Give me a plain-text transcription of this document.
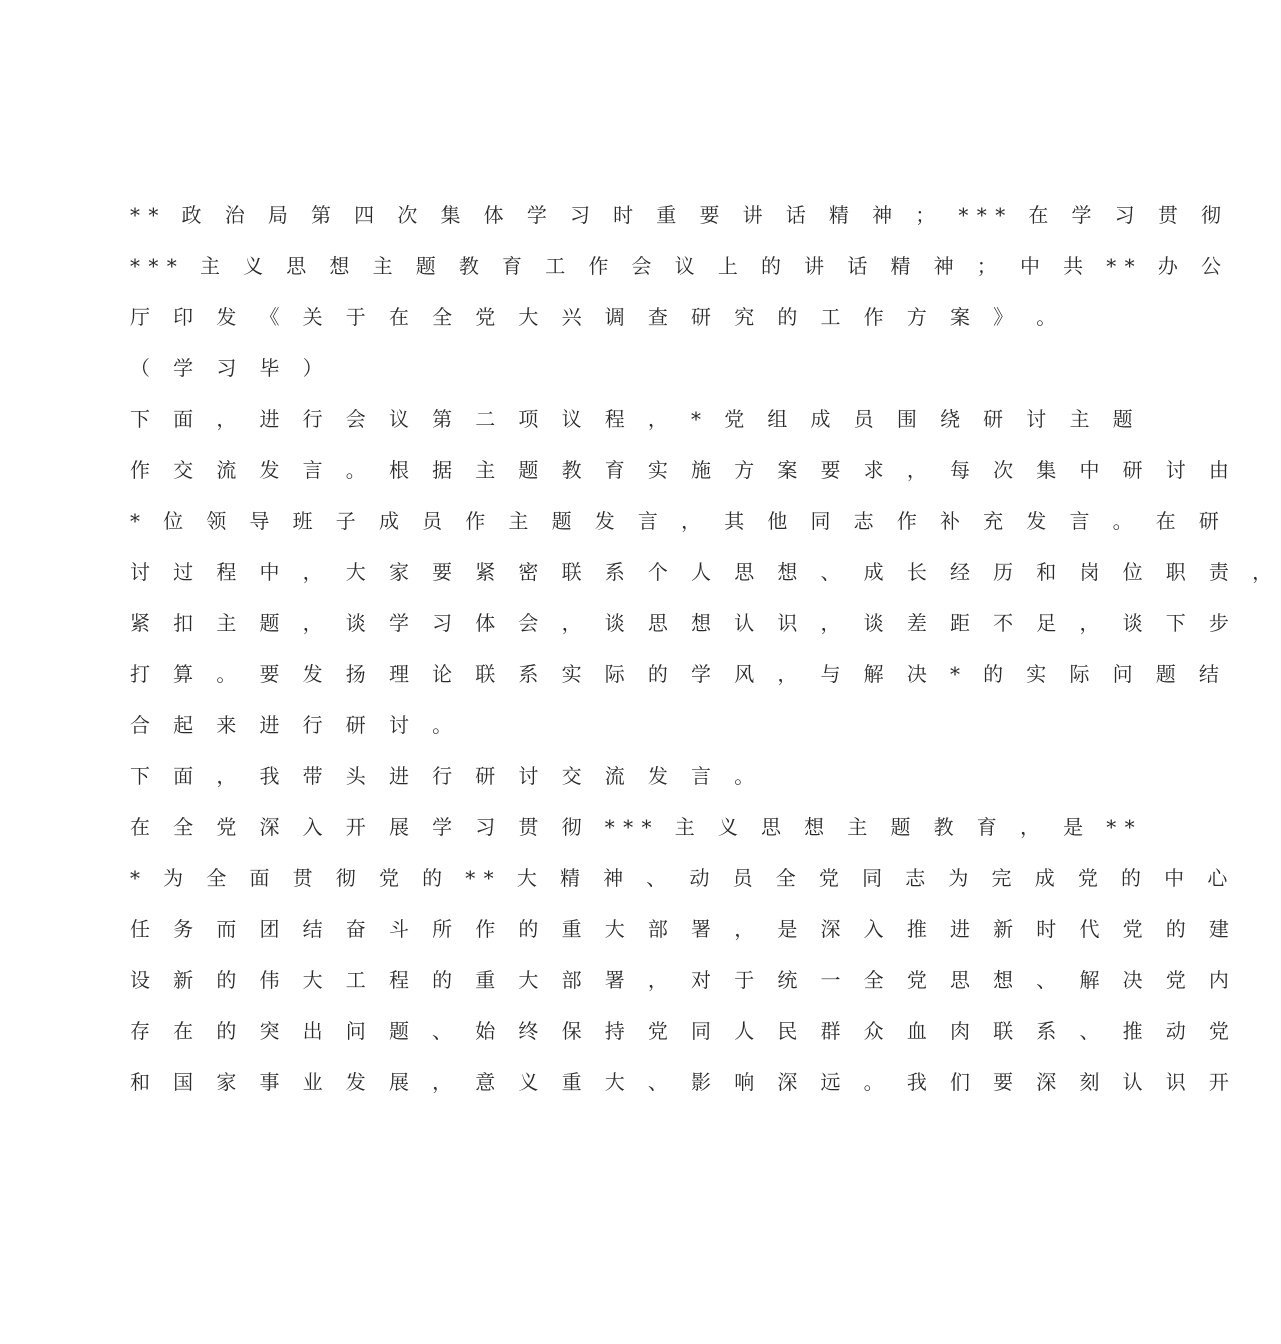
** 政 治 局 第 四 次 集 体 学 习 时 重 要 讲 话 精 神 ； *** 在 学 习 贯 彻
*** 主 义 思 想 主 题 教 育 工 作 会 议 上 的 讲 话 精 神 ； 中 共 ** 办 公
厅 印 发 《 关 于 在 全 党 大 兴 调 查 研 究 的 工 作 方 案 》 。
（ 学 习 毕 ）
下 面 ， 进 行 会 议 第 二 项 议 程 ， * 党 组 成 员 围 绕 研 讨 主 题
作 交 流 发 言 。 根 据 主 题 教 育 实 施 方 案 要 求 ， 每 次 集 中 研 讨 由
* 位 领 导 班 子 成 员 作 主 题 发 言 ， 其 他 同 志 作 补 充 发 言 。 在 研
讨 过 程 中 ， 大 家 要 紧 密 联 系 个 人 思 想 、 成 长 经 历 和 岗 位 职 责 ，
紧 扣 主 题 ， 谈 学 习 体 会 ， 谈 思 想 认 识 ， 谈 差 距 不 足 ， 谈 下 步
打 算 。 要 发 扬 理 论 联 系 实 际 的 学 风 ， 与 解 决 * 的 实 际 问 题 结
合 起 来 进 行 研 讨 。
下 面 ， 我 带 头 进 行 研 讨 交 流 发 言 。
在 全 党 深 入 开 展 学 习 贯 彻 *** 主 义 思 想 主 题 教 育 ， 是 **
* 为 全 面 贯 彻 党 的 ** 大 精 神 、 动 员 全 党 同 志 为 完 成 党 的 中 心
任 务 而 团 结 奋 斗 所 作 的 重 大 部 署 ， 是 深 入 推 进 新 时 代 党 的 建
设 新 的 伟 大 工 程 的 重 大 部 署 ， 对 于 统 一 全 党 思 想 、 解 决 党 内
存 在 的 突 出 问 题 、 始 终 保 持 党 同 人 民 群 众 血 肉 联 系 、 推 动 党
和 国 家 事 业 发 展 ， 意 义 重 大 、 影 响 深 远 。 我 们 要 深 刻 认 识 开
